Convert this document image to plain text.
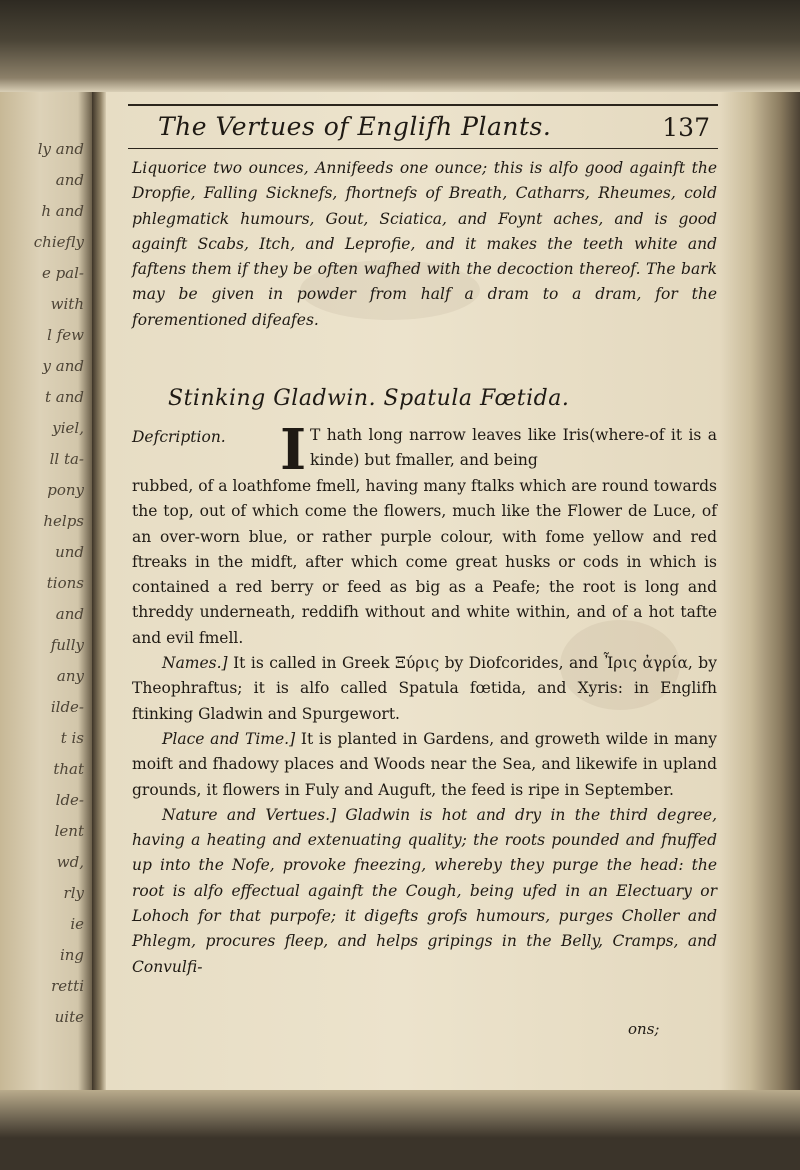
ly and
and
h and
chiefly
e pal-
with
l few
y and
t and
yiel,
ll ta-
pony
helps
und
tions
and
fully
any
ilde-
t is
that
lde-
lent
wd,
rly
ie
ing
retti
uite
The Vertues of Englifh Plants.	137
Liquorice two ounces, Annifeeds one ounce; this is alfo good againft the Dropfie, Falling Sicknefs, fhortnefs of Breath, Catharrs, Rheumes, cold phlegmatick humours, Gout, Sciatica, and Foynt aches, and is good againft Scabs, Itch, and Leprofie, and it makes the teeth white and faftens them if they be often wafhed with the decoction thereof. The bark may be given in powder from half a dram to a dram, for the forementioned difeafes.
Stinking Gladwin. Spatula Fœtida.
Defcription. I T hath long narrow leaves like Iris(where-of it is a kinde) but fmaller, and being
rubbed, of a loathfome fmell, having many ftalks which are round towards the top, out of which come the flowers, much like the Flower de Luce, of an over-worn blue, or rather purple colour, with fome yellow and red ftreaks in the midft, after which come great husks or cods in which is contained a red berry or feed as big as a Peafe; the root is long and threddy underneath, reddifh without and white within, and of a hot tafte and evil fmell.
Names.] It is called in Greek Ξύρις by Diofcorides, and Ἶρις ἀγρία, by Theophraftus; it is alfo called Spatula fœtida, and Xyris: in Englifh ftinking Gladwin and Spurgewort.
Place and Time.] It is planted in Gardens, and groweth wilde in many moift and fhadowy places and Woods near the Sea, and likewife in upland grounds, it flowers in Fuly and Auguft, the feed is ripe in September.
Nature and Vertues.] Gladwin is hot and dry in the third degree, having a heating and extenuating quality; the roots pounded and fnuffed up into the Nofe, provoke fneezing, whereby they purge the head: the root is alfo effectual againft the Cough, being ufed in an Electuary or Lohoch for that purpofe; it digefts grofs humours, purges Choller and Phlegm, procures fleep, and helps gripings in the Belly, Cramps, and Convulfi-
ons;
